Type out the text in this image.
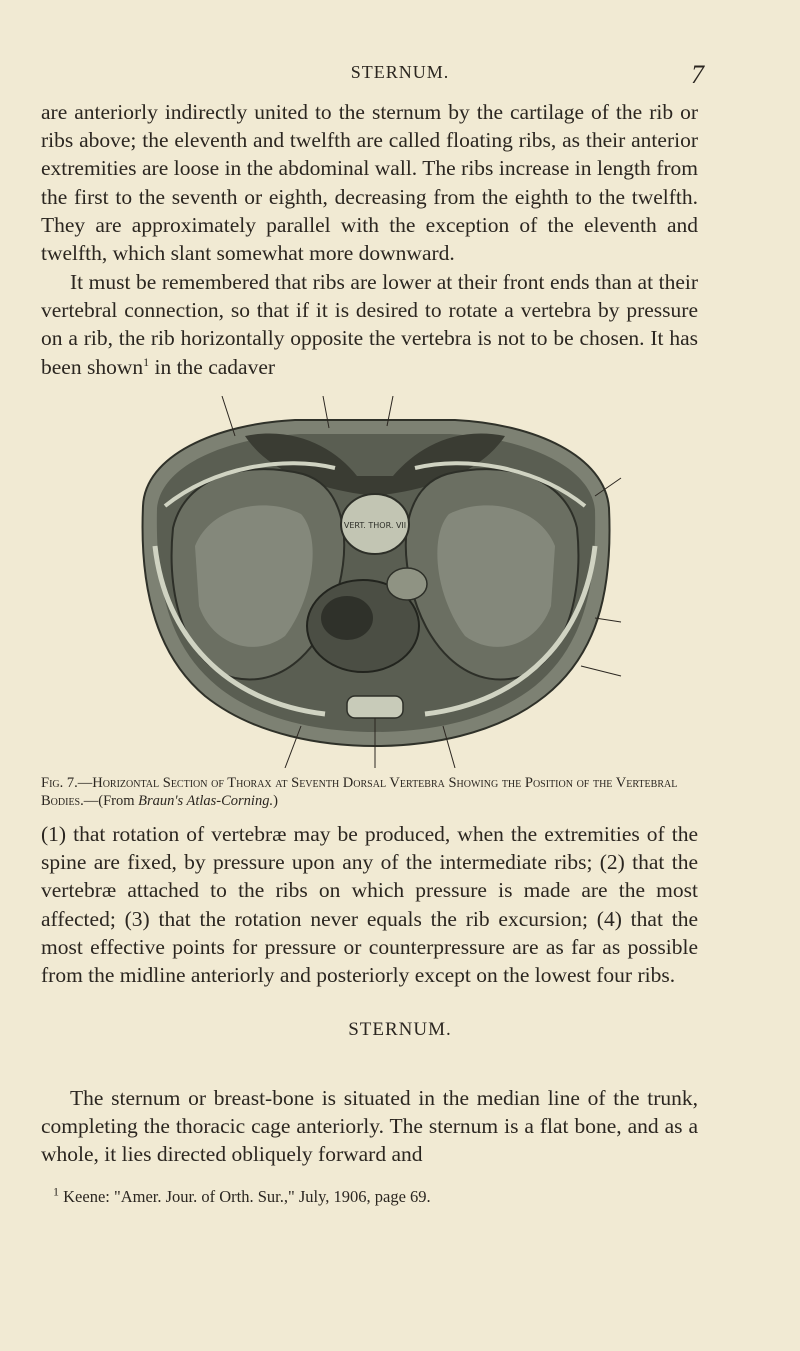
STERNUM.	7

are anteriorly indirectly united to the sternum by the cartilage of the rib or ribs above; the eleventh and twelfth are called floating ribs, as their anterior extremities are loose in the abdominal wall. The ribs increase in length from the first to the seventh or eighth, decreasing from the eighth to the twelfth. They are approximately parallel with the exception of the eleventh and twelfth, which slant somewhat more downward.

It must be remembered that ribs are lower at their front ends than at their vertebral connection, so that if it is desired to rotate a vertebra by pressure on a rib, the rib horizontally opposite the vertebra is not to be chosen. It has been shown$^1$ in the cadaver

VERT. THOR. VII

Fig. 7.—Horizontal Section of Thorax at Seventh Dorsal Vertebra Showing the Position of the Vertebral Bodies.—(From Braun's Atlas-Corning.)

(1) that rotation of vertebræ may be produced, when the extremities of the spine are fixed, by pressure upon any of the intermediate ribs; (2) that the vertebræ attached to the ribs on which pressure is made are the most affected; (3) that the rotation never equals the rib excursion; (4) that the most effective points for pressure or counterpressure are as far as possible from the midline anteriorly and posteriorly except on the lowest four ribs.

STERNUM.

The sternum or breast-bone is situated in the median line of the trunk, completing the thoracic cage anteriorly. The sternum is a flat bone, and as a whole, it lies directed obliquely forward and

$^1$ Keene: "Amer. Jour. of Orth. Sur.," July, 1906, page 69.
